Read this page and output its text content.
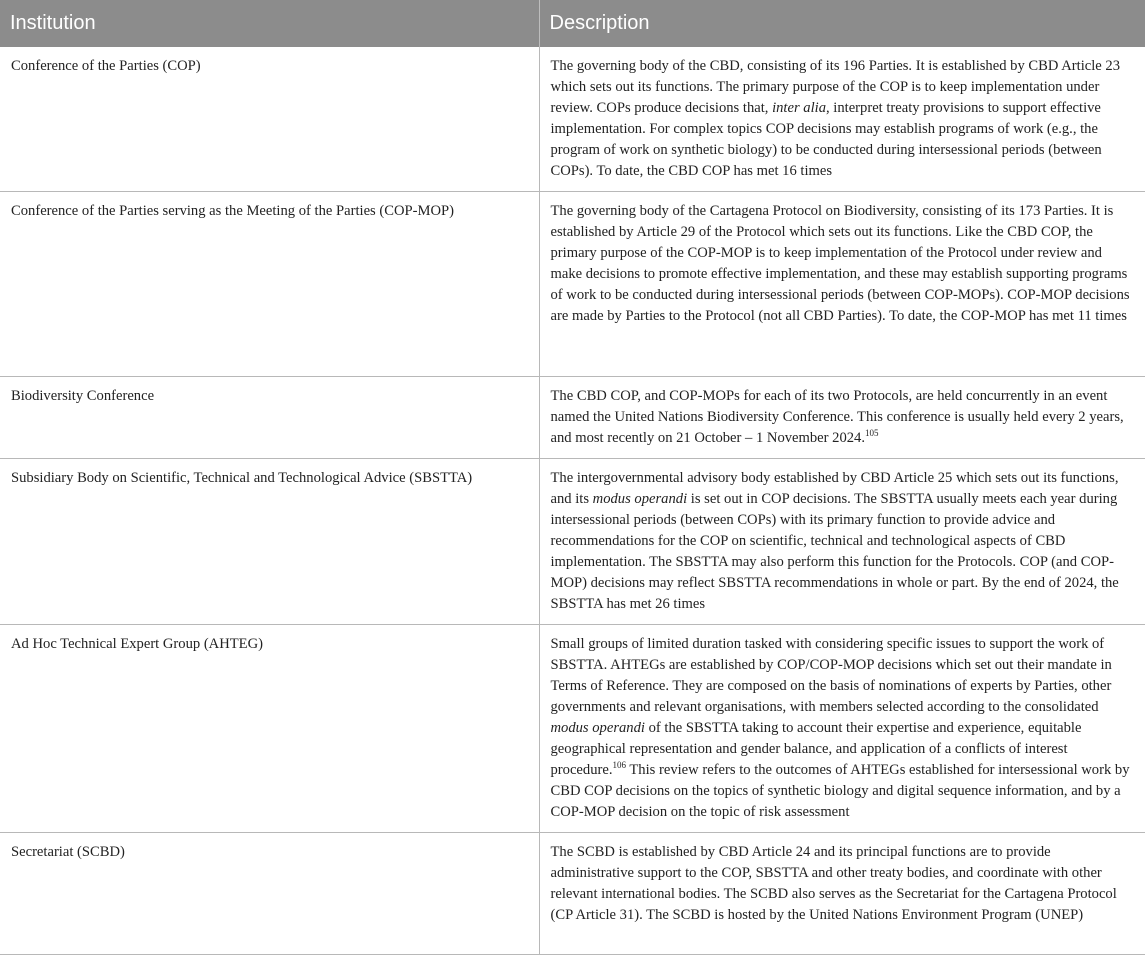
Institution	Description
Conference of the Parties (COP)	The governing body of the CBD, consisting of its 196 Parties. It is established by CBD Article 23 which sets out its functions. The primary purpose of the COP is to keep implementation under review. COPs produce decisions that, inter alia, interpret treaty provisions to support effective implementation. For complex topics COP decisions may establish programs of work (e.g., the program of work on synthetic biology) to be conducted during intersessional periods (between COPs). To date, the CBD COP has met 16 times
Conference of the Parties serving as the Meeting of the Parties (COP-MOP)	The governing body of the Cartagena Protocol on Biodiversity, consisting of its 173 Parties. It is established by Article 29 of the Protocol which sets out its functions. Like the CBD COP, the primary purpose of the COP-MOP is to keep implementation of the Protocol under review and make decisions to promote effective implementation, and these may establish supporting programs of work to be conducted during intersessional periods (between COP-MOPs). COP-MOP decisions are made by Parties to the Protocol (not all CBD Parties). To date, the COP-MOP has met 11 times
Biodiversity Conference	The CBD COP, and COP-MOPs for each of its two Protocols, are held concurrently in an event named the United Nations Biodiversity Conference. This conference is usually held every 2 years, and most recently on 21 October – 1 November 2024.$^{105}$
Subsidiary Body on Scientific, Technical and Technological Advice (SBSTTA)	The intergovernmental advisory body established by CBD Article 25 which sets out its functions, and its modus operandi is set out in COP decisions. The SBSTTA usually meets each year during intersessional periods (between COPs) with its primary function to provide advice and recommendations for the COP on scientific, technical and technological aspects of CBD implementation. The SBSTTA may also perform this function for the Protocols. COP (and COP-MOP) decisions may reflect SBSTTA recommendations in whole or part. By the end of 2024, the SBSTTA has met 26 times
Ad Hoc Technical Expert Group (AHTEG)	Small groups of limited duration tasked with considering specific issues to support the work of SBSTTA. AHTEGs are established by COP/COP-MOP decisions which set out their mandate in Terms of Reference. They are composed on the basis of nominations of experts by Parties, other governments and relevant organisations, with members selected according to the consolidated modus operandi of the SBSTTA taking to account their expertise and experience, equitable geographical representation and gender balance, and application of a conflicts of interest procedure.$^{106}$ This review refers to the outcomes of AHTEGs established for intersessional work by CBD COP decisions on the topics of synthetic biology and digital sequence information, and by a COP-MOP decision on the topic of risk assessment
Secretariat (SCBD)	The SCBD is established by CBD Article 24 and its principal functions are to provide administrative support to the COP, SBSTTA and other treaty bodies, and coordinate with other relevant international bodies. The SCBD also serves as the Secretariat for the Cartagena Protocol (CP Article 31). The SCBD is hosted by the United Nations Environment Program (UNEP)
